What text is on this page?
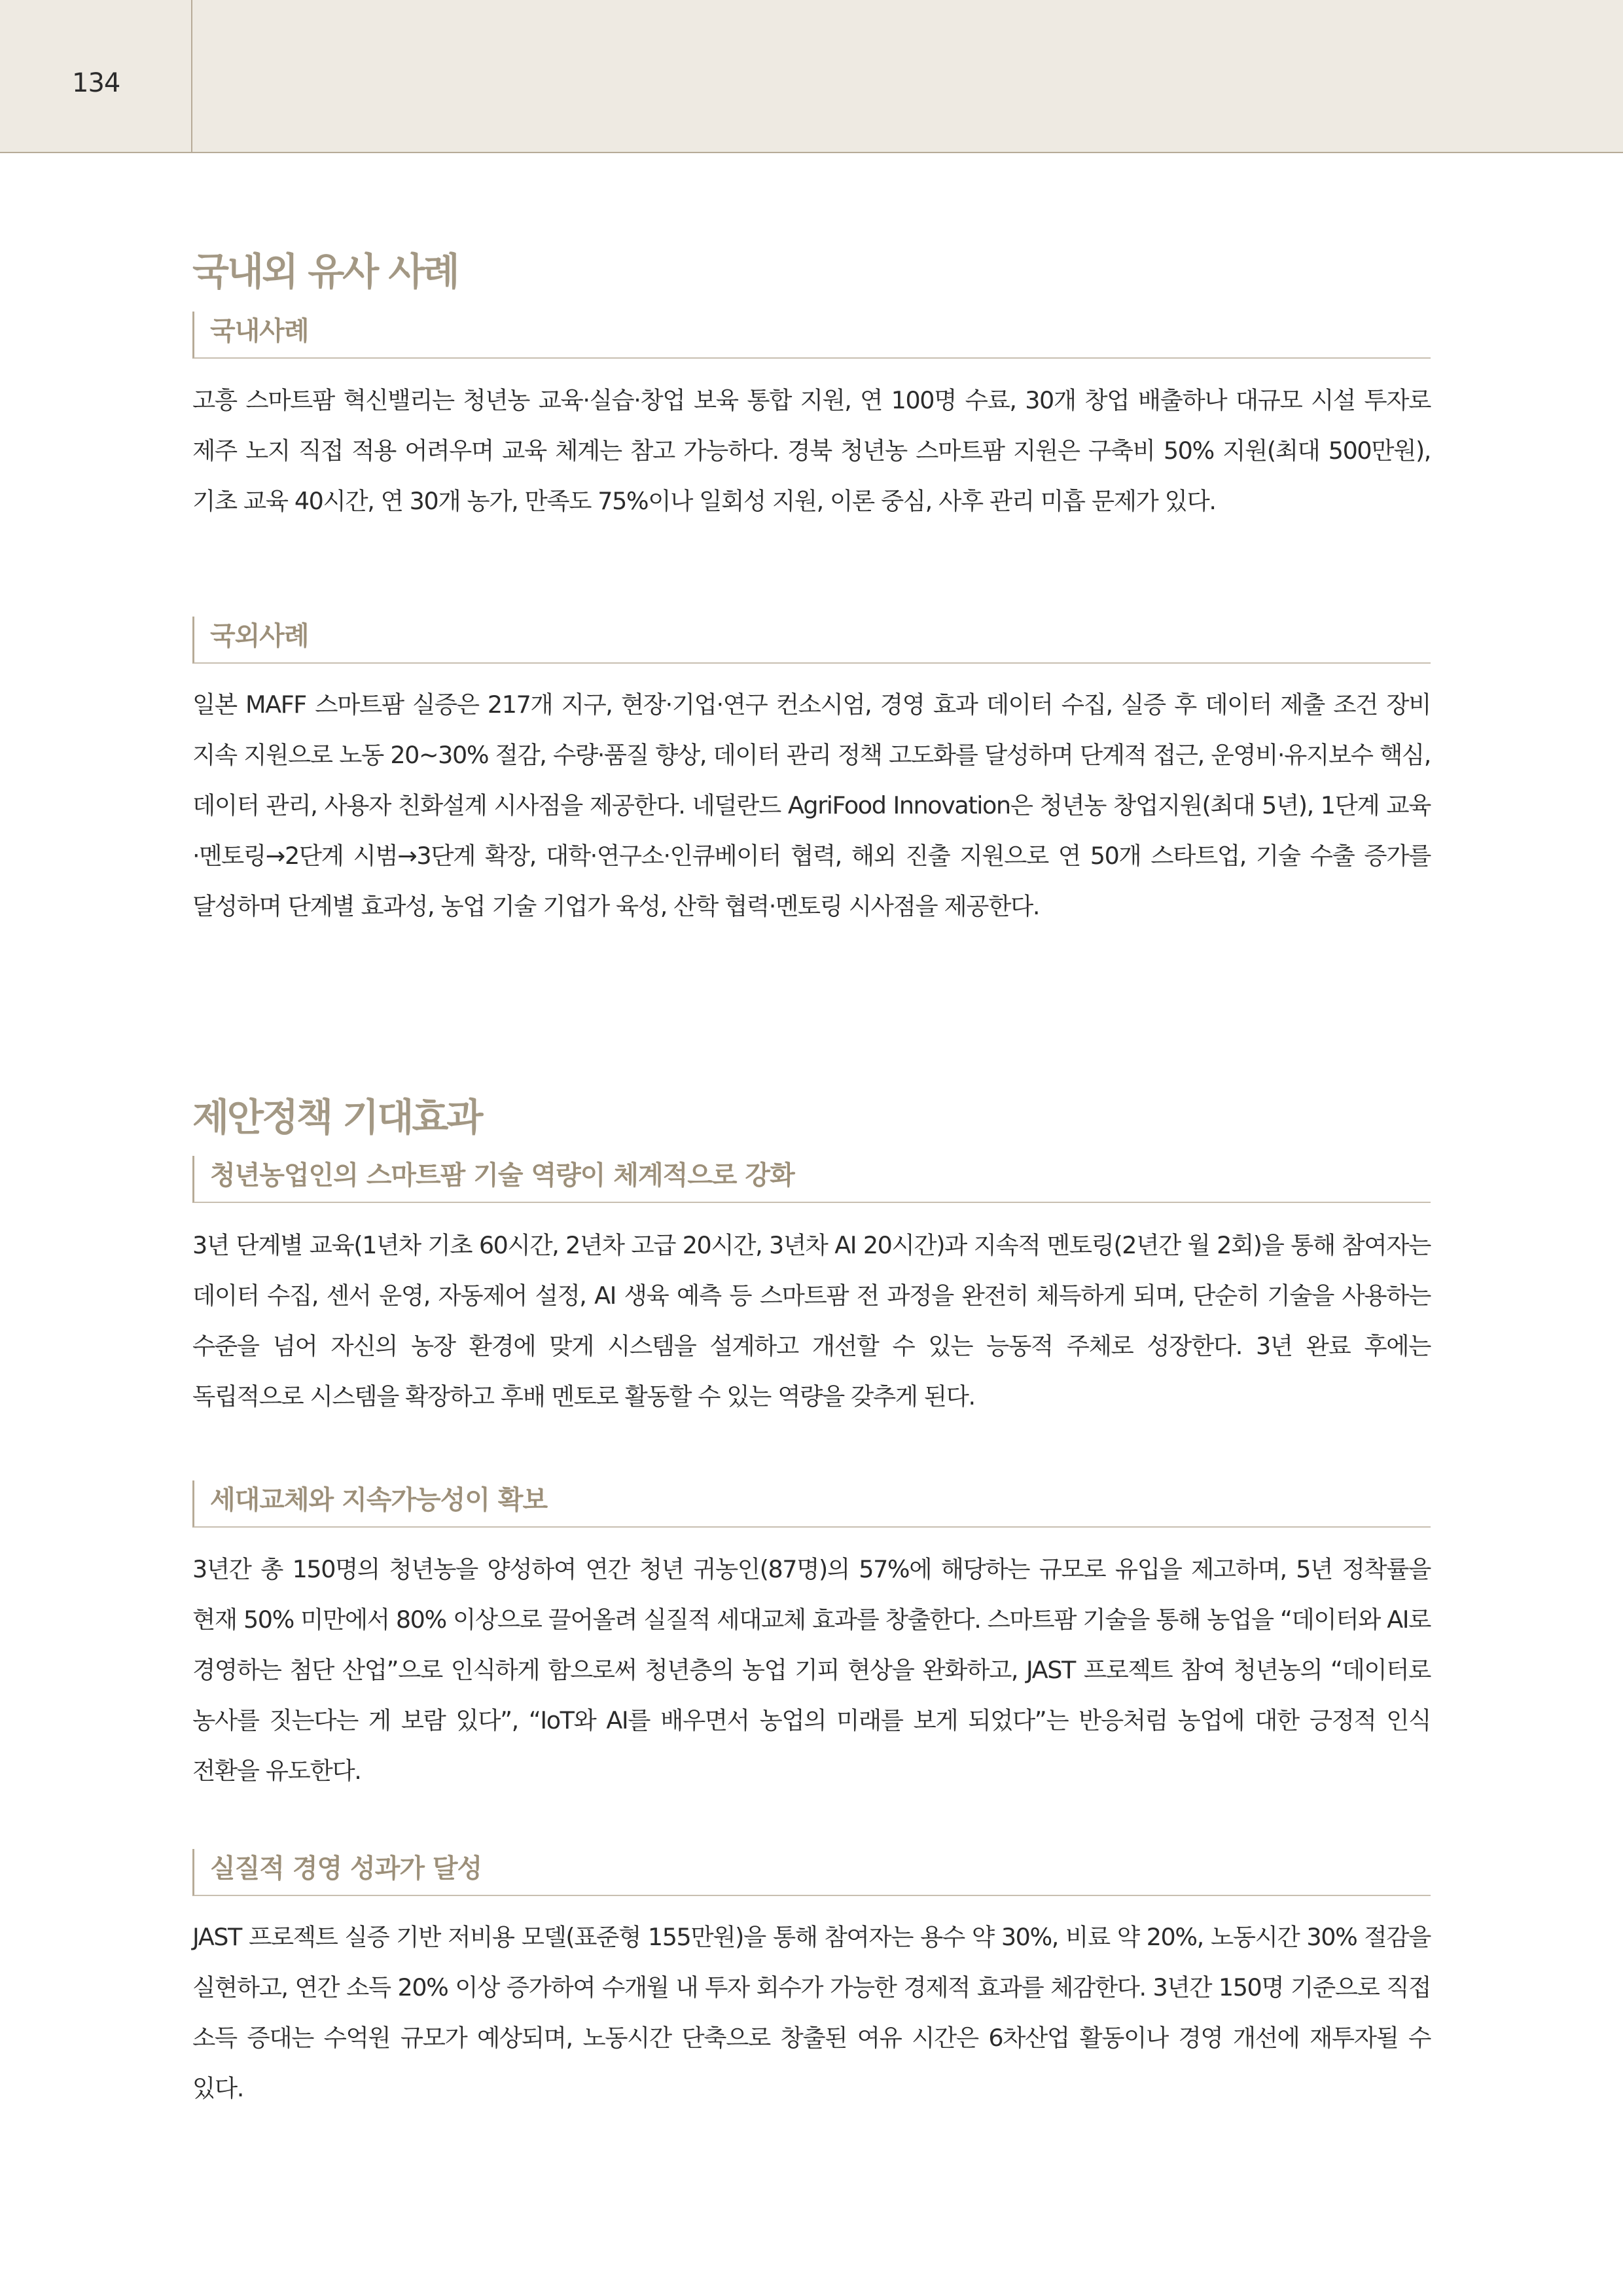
134
국내외 유사 사례
국내사례

고흥 스마트팜 혁신밸리는 청년농 교육·실습·창업 보육 통합 지원, 연 100명 수료, 30개 창업 배출하나 대규모 시설 투자로 제주 노지 직접 적용 어려우며 교육 체계는 참고 가능하다. 경북 청년농 스마트팜 지원은 구축비 50% 지원(최대 500만원), 기초 교육 40시간, 연 30개 농가, 만족도 75%이나 일회성 지원, 이론 중심, 사후 관리 미흡 문제가 있다.

국외사례

일본 MAFF 스마트팜 실증은 217개 지구, 현장·기업·연구 컨소시엄, 경영 효과 데이터 수집, 실증 후 데이터 제출 조건 장비 지속 지원으로 노동 20~30% 절감, 수량·품질 향상, 데이터 관리 정책 고도화를 달성하며 단계적 접근, 운영비·유지보수 핵심, 데이터 관리, 사용자 친화설계 시사점을 제공한다. 네덜란드 AgriFood Innovation은 청년농 창업지원(최대 5년), 1단계 교육·멘토링→2단계 시범→3단계 확장, 대학·연구소·인큐베이터 협력, 해외 진출 지원으로 연 50개 스타트업, 기술 수출 증가를 달성하며 단계별 효과성, 농업 기술 기업가 육성, 산학 협력·멘토링 시사점을 제공한다.

제안정책 기대효과
청년농업인의 스마트팜 기술 역량이 체계적으로 강화

3년 단계별 교육(1년차 기초 60시간, 2년차 고급 20시간, 3년차 AI 20시간)과 지속적 멘토링(2년간 월 2회)을 통해 참여자는 데이터 수집, 센서 운영, 자동제어 설정, AI 생육 예측 등 스마트팜 전 과정을 완전히 체득하게 되며, 단순히 기술을 사용하는 수준을 넘어 자신의 농장 환경에 맞게 시스템을 설계하고 개선할 수 있는 능동적 주체로 성장한다. 3년 완료 후에는 독립적으로 시스템을 확장하고 후배 멘토로 활동할 수 있는 역량을 갖추게 된다.

세대교체와 지속가능성이 확보

3년간 총 150명의 청년농을 양성하여 연간 청년 귀농인(87명)의 57%에 해당하는 규모로 유입을 제고하며, 5년 정착률을 현재 50% 미만에서 80% 이상으로 끌어올려 실질적 세대교체 효과를 창출한다. 스마트팜 기술을 통해 농업을 “데이터와 AI로 경영하는 첨단 산업”으로 인식하게 함으로써 청년층의 농업 기피 현상을 완화하고, JAST 프로젝트 참여 청년농의 “데이터로 농사를 짓는다는 게 보람 있다”, “IoT와 AI를 배우면서 농업의 미래를 보게 되었다”는 반응처럼 농업에 대한 긍정적 인식 전환을 유도한다.

실질적 경영 성과가 달성

JAST 프로젝트 실증 기반 저비용 모델(표준형 155만원)을 통해 참여자는 용수 약 30%, 비료 약 20%, 노동시간 30% 절감을 실현하고, 연간 소득 20% 이상 증가하여 수개월 내 투자 회수가 가능한 경제적 효과를 체감한다. 3년간 150명 기준으로 직접 소득 증대는 수억원 규모가 예상되며, 노동시간 단축으로 창출된 여유 시간은 6차산업 활동이나 경영 개선에 재투자될 수 있다.
